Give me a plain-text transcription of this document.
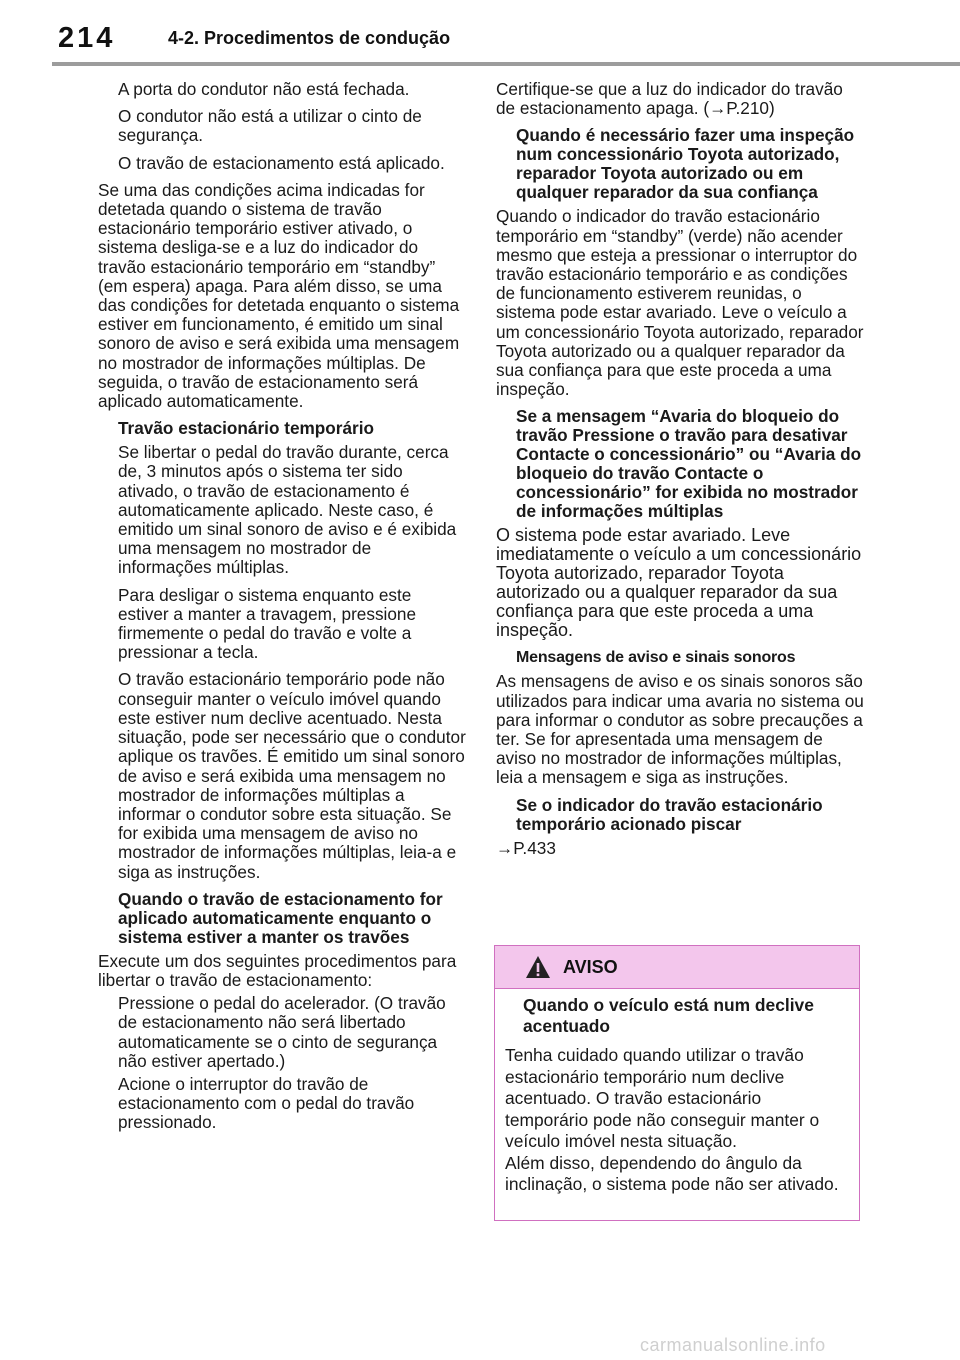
214	4-2. Procedimentos de condução

A porta do condutor não está fechada.

O condutor não está a utilizar o cinto de segurança.

O travão de estacionamento está aplicado.

Se uma das condições acima indicadas for detetada quando o sistema de travão estacionário temporário estiver ativado, o sistema desliga-se e a luz do indicador do travão estacionário temporário em “standby” (em espera) apaga. Para além disso, se uma das condições for detetada enquanto o sistema estiver em funcionamento, é emitido um sinal sonoro de aviso e será exibida uma mensagem no mostrador de informações múltiplas. De seguida, o travão de estacionamento será aplicado automaticamente.

Travão estacionário temporário

Se libertar o pedal do travão durante, cerca de, 3 minutos após o sistema ter sido ativado, o travão de estacionamento é automaticamente aplicado. Neste caso, é emitido um sinal sonoro de aviso e é exibida uma mensagem no mostrador de informações múltiplas.

Para desligar o sistema enquanto este estiver a manter a travagem, pressione firmemente o pedal do travão e volte a pressionar a tecla.

O travão estacionário temporário pode não conseguir manter o veículo imóvel quando este estiver num declive acentuado. Nesta situação, pode ser necessário que o condutor aplique os travões. É emitido um sinal sonoro de aviso e será exibida uma mensagem no mostrador de informações múltiplas a informar o condutor sobre esta situação. Se for exibida uma mensagem de aviso no mostrador de informações múltiplas, leia-a e siga as instruções.

Quando o travão de estacionamento for aplicado automaticamente enquanto o sistema estiver a manter os travões

Execute um dos seguintes procedimentos para libertar o travão de estacionamento:

Pressione o pedal do acelerador. (O travão de estacionamento não será libertado automaticamente se o cinto de segurança não estiver apertado.)

Acione o interruptor do travão de estacionamento com o pedal do travão pressionado.

Certifique-se que a luz do indicador do travão de estacionamento apaga. (→P.210)

Quando é necessário fazer uma inspeção num concessionário Toyota autorizado, reparador Toyota autorizado ou em qualquer reparador da sua confiança

Quando o indicador do travão estacionário temporário em “standby” (verde) não acender mesmo que esteja a pressionar o interruptor do travão estacionário temporário e as condições de funcionamento estiverem reunidas, o sistema pode estar avariado. Leve o veículo a um concessionário Toyota autorizado, reparador Toyota autorizado ou a qualquer reparador da sua confiança para que este proceda a uma inspeção.

Se a mensagem “Avaria do bloqueio do travão Pressione o travão para desativar Contacte o concessionário” ou “Avaria do bloqueio do travão Contacte o concessionário” for exibida no mostrador de informações múltiplas

O sistema pode estar avariado. Leve imediatamente o veículo a um concessionário Toyota autorizado, reparador Toyota autorizado ou a qualquer reparador da sua confiança para que este proceda a uma inspeção.

Mensagens de aviso e sinais sonoros

As mensagens de aviso e os sinais sonoros são utilizados para indicar uma avaria no sistema ou para informar o condutor as sobre precauções a ter. Se for apresentada uma mensagem de aviso no mostrador de informações múltiplas, leia a mensagem e siga as instruções.

Se o indicador do travão estacionário temporário acionado piscar

→P.433

AVISO
Quando o veículo está num declive acentuado
Tenha cuidado quando utilizar o travão estacionário temporário num declive acentuado. O travão estacionário temporário pode não conseguir manter o veículo imóvel nesta situação.
Além disso, dependendo do ângulo da inclinação, o sistema pode não ser ativado.
carmanualsonline.info
